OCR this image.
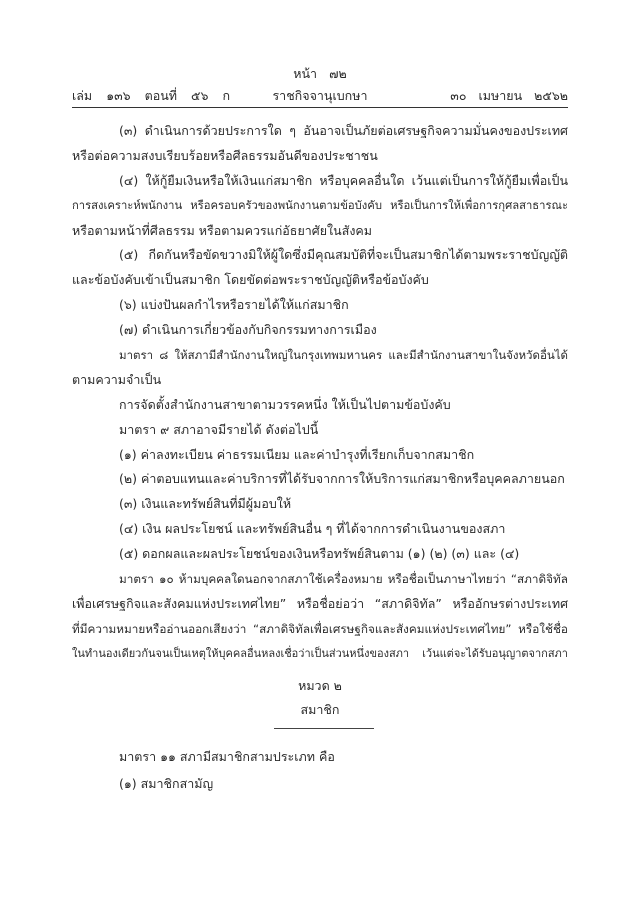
หน้า ๗๒
เล่ม ๑๓๖ ตอนที่ ๕๖ ก	ราชกิจจานุเบกษา	๓๐ เมษายน ๒๕๖๒
(๓) ดำเนินการด้วยประการใด ๆ อันอาจเป็นภัยต่อเศรษฐกิจความมั่นคงของประเทศ
หรือต่อความสงบเรียบร้อยหรือศีลธรรมอันดีของประชาชน
(๔) ให้กู้ยืมเงินหรือให้เงินแก่สมาชิก หรือบุคคลอื่นใด เว้นแต่เป็นการให้กู้ยืมเพื่อเป็น
การสงเคราะห์พนักงาน หรือครอบครัวของพนักงานตามข้อบังคับ หรือเป็นการให้เพื่อการกุศลสาธารณะ
หรือตามหน้าที่ศีลธรรม หรือตามควรแก่อัธยาศัยในสังคม
(๕) กีดกันหรือขัดขวางมิให้ผู้ใดซึ่งมีคุณสมบัติที่จะเป็นสมาชิกได้ตามพระราชบัญญัติ
และข้อบังคับเข้าเป็นสมาชิก โดยขัดต่อพระราชบัญญัติหรือข้อบังคับ
(๖) แบ่งปันผลกำไรหรือรายได้ให้แก่สมาชิก
(๗) ดำเนินการเกี่ยวข้องกับกิจกรรมทางการเมือง
มาตรา ๘ ให้สภามีสำนักงานใหญ่ในกรุงเทพมหานคร และมีสำนักงานสาขาในจังหวัดอื่นได้
ตามความจำเป็น
การจัดตั้งสำนักงานสาขาตามวรรคหนึ่ง ให้เป็นไปตามข้อบังคับ
มาตรา ๙ สภาอาจมีรายได้ ดังต่อไปนี้
(๑) ค่าลงทะเบียน ค่าธรรมเนียม และค่าบำรุงที่เรียกเก็บจากสมาชิก
(๒) ค่าตอบแทนและค่าบริการที่ได้รับจากการให้บริการแก่สมาชิกหรือบุคคลภายนอก
(๓) เงินและทรัพย์สินที่มีผู้มอบให้
(๔) เงิน ผลประโยชน์ และทรัพย์สินอื่น ๆ ที่ได้จากการดำเนินงานของสภา
(๕) ดอกผลและผลประโยชน์ของเงินหรือทรัพย์สินตาม (๑) (๒) (๓) และ (๔)
มาตรา ๑๐ ห้ามบุคคลใดนอกจากสภาใช้เครื่องหมาย หรือชื่อเป็นภาษาไทยว่า “สภาดิจิทัล
เพื่อเศรษฐกิจและสังคมแห่งประเทศไทย” หรือชื่อย่อว่า “สภาดิจิทัล” หรืออักษรต่างประเทศ
ที่มีความหมายหรืออ่านออกเสียงว่า “สภาดิจิทัลเพื่อเศรษฐกิจและสังคมแห่งประเทศไทย” หรือใช้ชื่อ
ในทำนองเดียวกันจนเป็นเหตุให้บุคคลอื่นหลงเชื่อว่าเป็นส่วนหนึ่งของสภา เว้นแต่จะได้รับอนุญาตจากสภา
หมวด ๒
สมาชิก
มาตรา ๑๑ สภามีสมาชิกสามประเภท คือ
(๑) สมาชิกสามัญ
